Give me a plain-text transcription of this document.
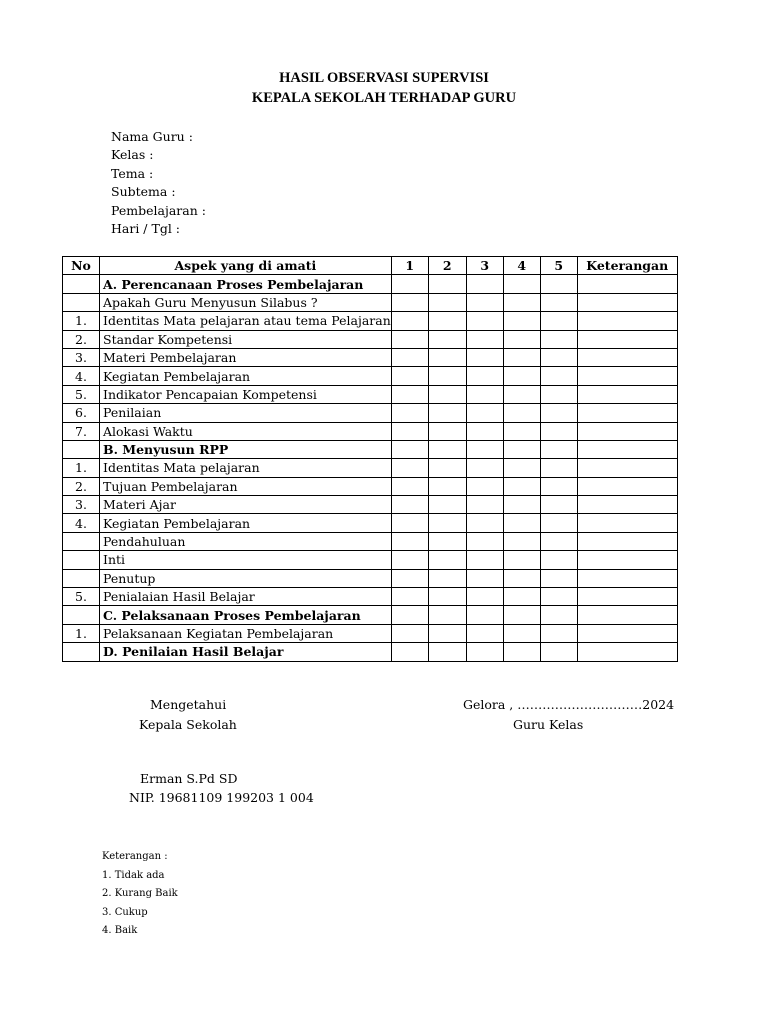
HASIL OBSERVASI SUPERVISI
KEPALA SEKOLAH TERHADAP GURU
Nama Guru :
Kelas :
Tema :
Subtema :
Pembelajaran :
Hari / Tgl :
No	Aspek yang di amati	1	2	3	4	5	Keterangan
	A. Perencanaan Proses Pembelajaran						
	Apakah Guru Menyusun Silabus ?						
1.	Identitas Mata pelajaran atau tema Pelajaran						
2.	Standar Kompetensi						
3.	Materi Pembelajaran						
4.	Kegiatan Pembelajaran						
5.	Indikator Pencapaian Kompetensi						
6.	Penilaian						
7.	Alokasi Waktu						
	B. Menyusun RPP						
1.	Identitas Mata pelajaran						
2.	Tujuan Pembelajaran						
3.	Materi Ajar						
4.	Kegiatan Pembelajaran						
	Pendahuluan						
	Inti						
	Penutup						
5.	Penialaian Hasil Belajar						
	C. Pelaksanaan Proses Pembelajaran						
1.	Pelaksanaan Kegiatan Pembelajaran						
	D. Penilaian Hasil Belajar						
Mengetahui
Kepala Sekolah
Gelora , …………………………2024
Guru Kelas
Erman S.Pd SD
NIP. 19681109 199203 1 004
Keterangan :
1. Tidak ada
2. Kurang Baik
3. Cukup
4. Baik
